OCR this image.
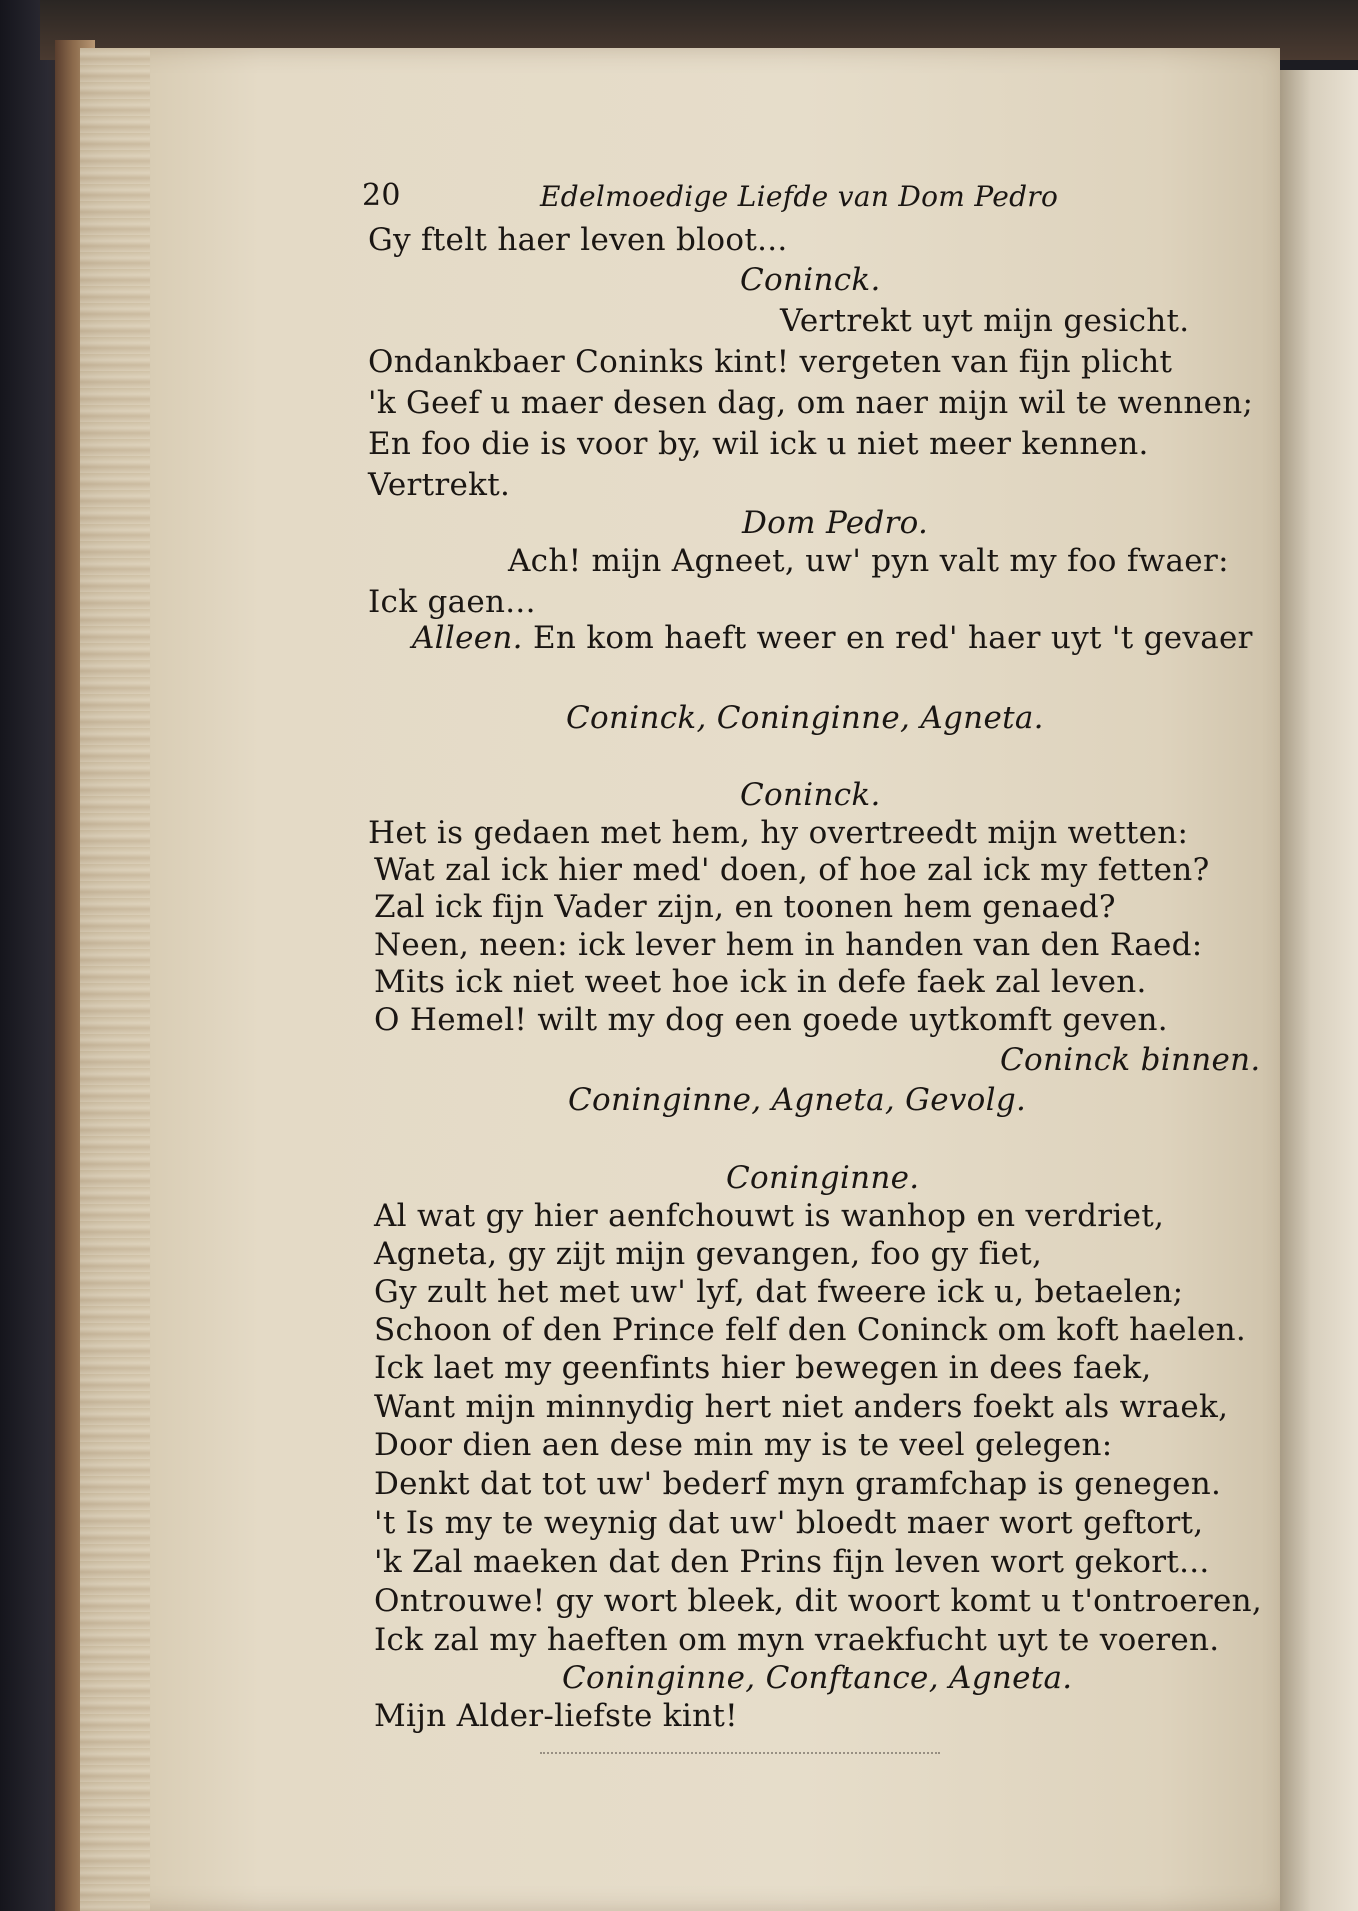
20	Edelmoedige Liefde van Dom Pedro
Gy ftelt haer leven bloot...
Coninck.
Vertrekt uyt mijn gesicht.
Ondankbaer Coninks kint! vergeten van fijn plicht
'k Geef u maer desen dag, om naer mijn wil te wennen;
En foo die is voor by, wil ick u niet meer kennen.
Vertrekt.
Dom Pedro.
Ach! mijn Agneet, uw' pyn valt my foo fwaer:
Ick gaen...
Alleen. En kom haeft weer en red' haer uyt 't gevaer
Coninck, Coninginne, Agneta.
Coninck.
Het is gedaen met hem, hy overtreedt mijn wetten:
Wat zal ick hier med' doen, of hoe zal ick my fetten?
Zal ick fijn Vader zijn, en toonen hem genaed?
Neen, neen: ick lever hem in handen van den Raed:
Mits ick niet weet hoe ick in defe faek zal leven.
O Hemel! wilt my dog een goede uytkomft geven.
Coninck binnen.
Coninginne, Agneta, Gevolg.
Coninginne.
Al wat gy hier aenfchouwt is wanhop en verdriet,
Agneta, gy zijt mijn gevangen, foo gy fiet,
Gy zult het met uw' lyf, dat fweere ick u, betaelen;
Schoon of den Prince felf den Coninck om koft haelen.
Ick laet my geenfints hier bewegen in dees faek,
Want mijn minnydig hert niet anders foekt als wraek,
Door dien aen dese min my is te veel gelegen:
Denkt dat tot uw' bederf myn gramfchap is genegen.
't Is my te weynig dat uw' bloedt maer wort geftort,
'k Zal maeken dat den Prins fijn leven wort gekort...
Ontrouwe! gy wort bleek, dit woort komt u t'ontroeren,
Ick zal my haeften om myn vraekfucht uyt te voeren.
Coninginne, Conftance, Agneta.
Mijn Alder-liefste kint!
